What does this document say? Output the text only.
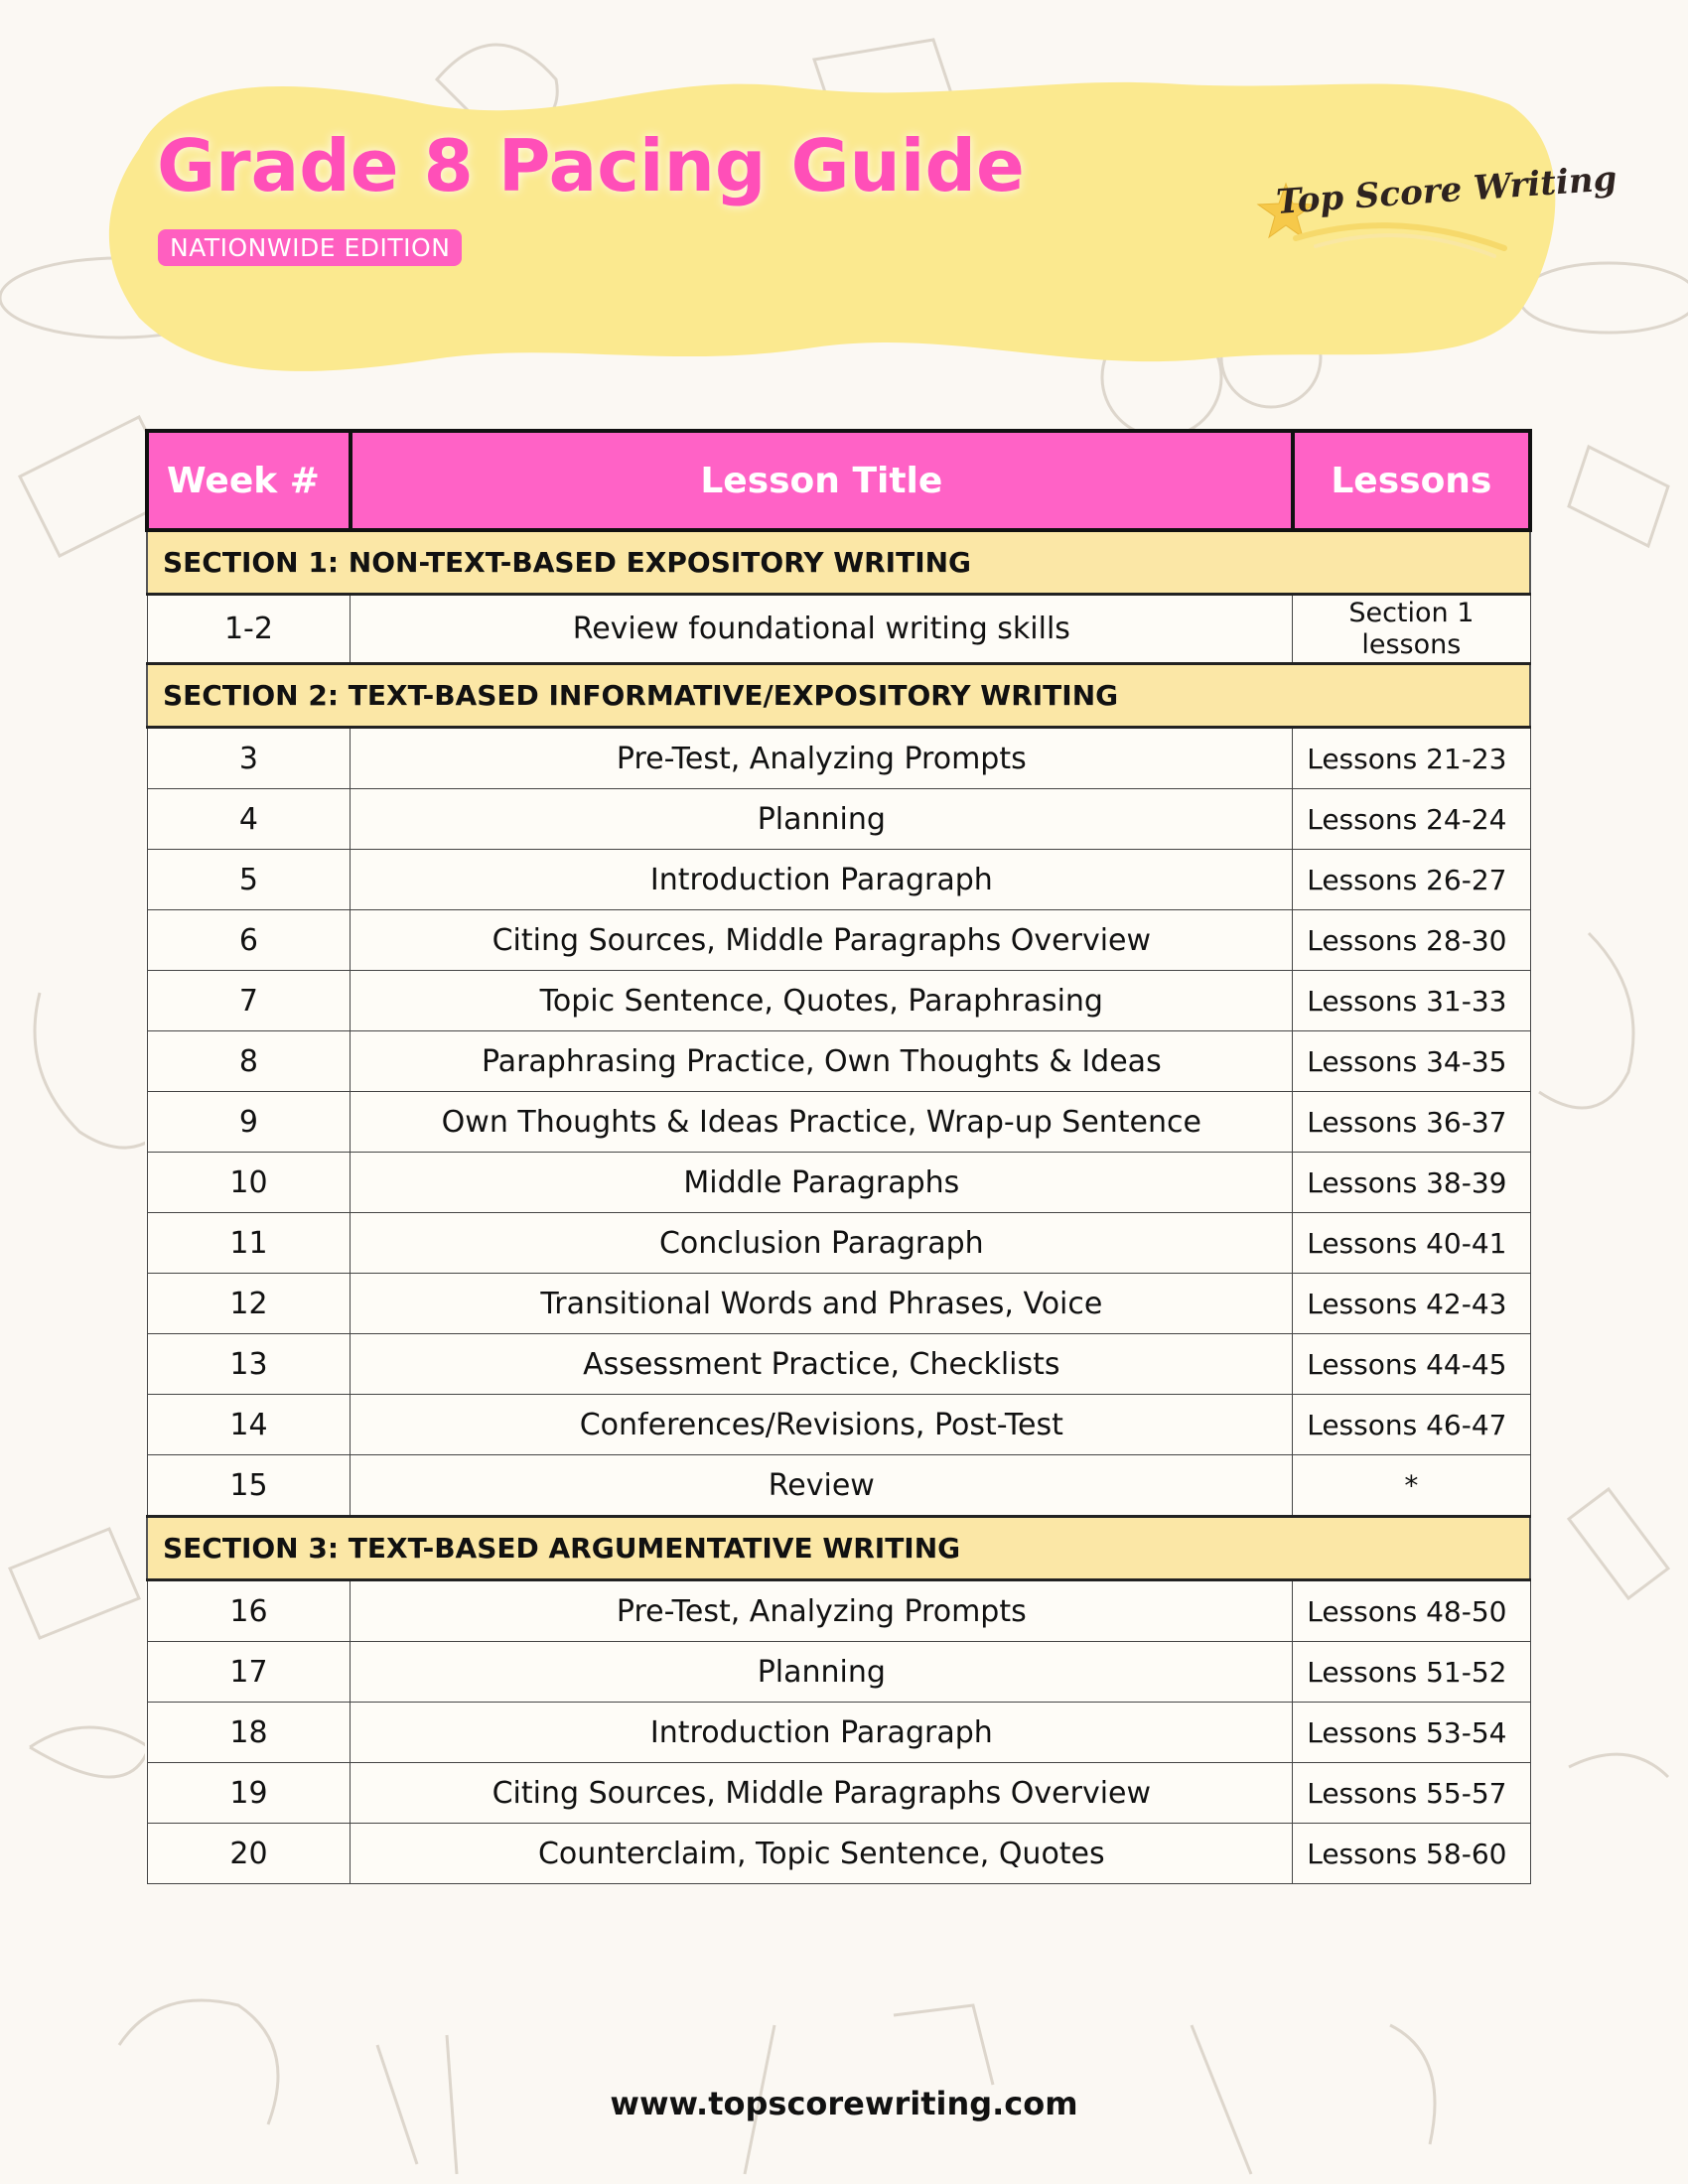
Grade 8 Pacing Guide
NATIONWIDE EDITION
Top Score Writing
Week #	Lesson Title	Lessons
SECTION 1: NON-TEXT-BASED EXPOSITORY WRITING		
1-2	Review foundational writing skills	Section 1 lessons
SECTION 2: TEXT-BASED INFORMATIVE/EXPOSITORY WRITING		
3	Pre-Test, Analyzing Prompts	Lessons 21-23
4	Planning	Lessons 24-24
5	Introduction Paragraph	Lessons 26-27
6	Citing Sources, Middle Paragraphs Overview	Lessons 28-30
7	Topic Sentence, Quotes, Paraphrasing	Lessons 31-33
8	Paraphrasing Practice, Own Thoughts & Ideas	Lessons 34-35
9	Own Thoughts & Ideas Practice, Wrap-up Sentence	Lessons 36-37
10	Middle Paragraphs	Lessons 38-39
11	Conclusion Paragraph	Lessons 40-41
12	Transitional Words and Phrases, Voice	Lessons 42-43
13	Assessment Practice, Checklists	Lessons 44-45
14	Conferences/Revisions, Post-Test	Lessons 46-47
15	Review	*
SECTION 3: TEXT-BASED ARGUMENTATIVE WRITING		
16	Pre-Test, Analyzing Prompts	Lessons 48-50
17	Planning	Lessons 51-52
18	Introduction Paragraph	Lessons 53-54
19	Citing Sources, Middle Paragraphs Overview	Lessons 55-57
20	Counterclaim, Topic Sentence, Quotes	Lessons 58-60
www.topscorewriting.com
